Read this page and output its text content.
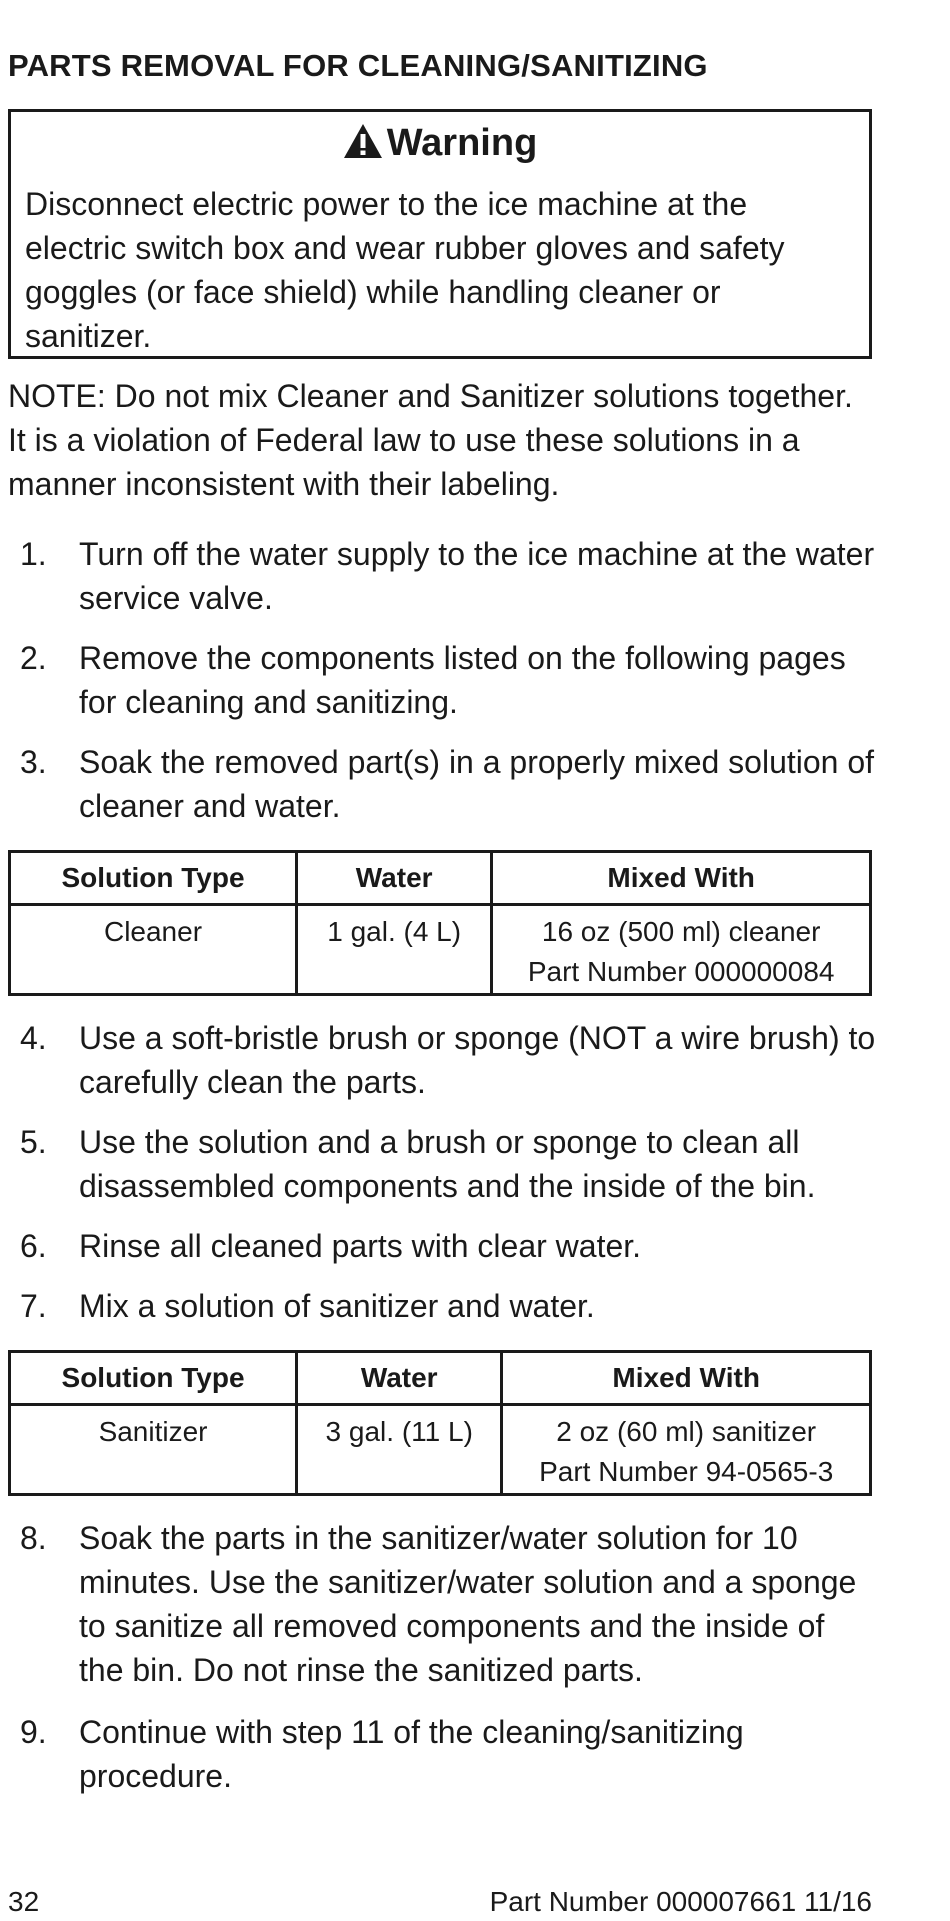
PARTS REMOVAL FOR CLEANING/SANITIZING
Warning

Disconnect electric power to the ice machine at the electric switch box and wear rubber gloves and safety goggles (or face shield) while handling cleaner or sanitizer.

NOTE: Do not mix Cleaner and Sanitizer solutions together. It is a violation of Federal law to use these solutions in a manner inconsistent with their labeling.

1. Turn off the water supply to the ice machine at the water service valve.
2. Remove the components listed on the following pages for cleaning and sanitizing.
3. Soak the removed part(s) in a properly mixed solution of cleaner and water.
Solution Type	Water	Mixed With
Cleaner	1 gal. (4 L)	16 oz (500 ml) cleaner
Part Number 000000084
4. Use a soft-bristle brush or sponge (NOT a wire brush) to carefully clean the parts.
5. Use the solution and a brush or sponge to clean all disassembled components and the inside of the bin.
6. Rinse all cleaned parts with clear water.
7. Mix a solution of sanitizer and water.
Solution Type	Water	Mixed With
Sanitizer	3 gal. (11 L)	2 oz (60 ml) sanitizer
Part Number 94-0565-3
8. Soak the parts in the sanitizer/water solution for 10 minutes. Use the sanitizer/water solution and a sponge to sanitize all removed components and the inside of the bin. Do not rinse the sanitized parts.
9. Continue with step 11 of the cleaning/sanitizing procedure.
32	Part Number 000007661 11/16
